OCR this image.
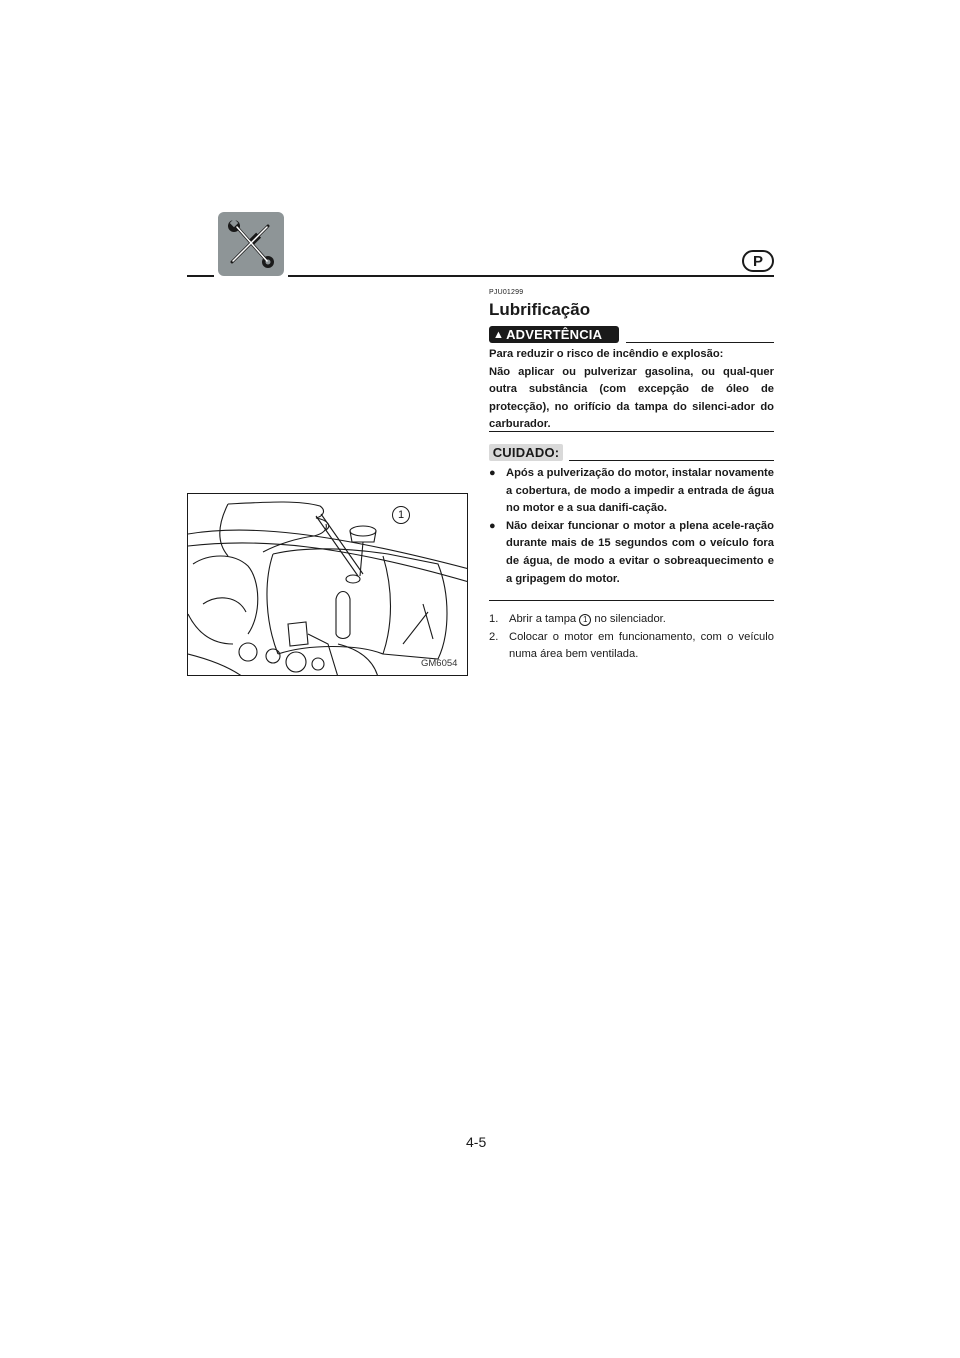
P
PJU01299
Lubrificação
▲ ADVERTÊNCIA

Para reduzir o risco de incêndio e explosão:

Não aplicar ou pulverizar gasolina, ou qual-quer outra substância (com excepção de óleo de protecção), no orifício da tampa do silenci-ador do carburador.

CUIDADO:
● Após a pulverização do motor, instalar novamente a cobertura, de modo a impedir a entrada de água no motor e a sua danifi-cação.
● Não deixar funcionar o motor a plena acele-ração durante mais de 15 segundos com o veículo fora de água, de modo a evitar o sobreaquecimento e a gripagem do motor.
1. Abrir a tampa 1 no silenciador.
2. Colocar o motor em funcionamento, com o veículo numa área bem ventilada.
1
GM6054
4-5
